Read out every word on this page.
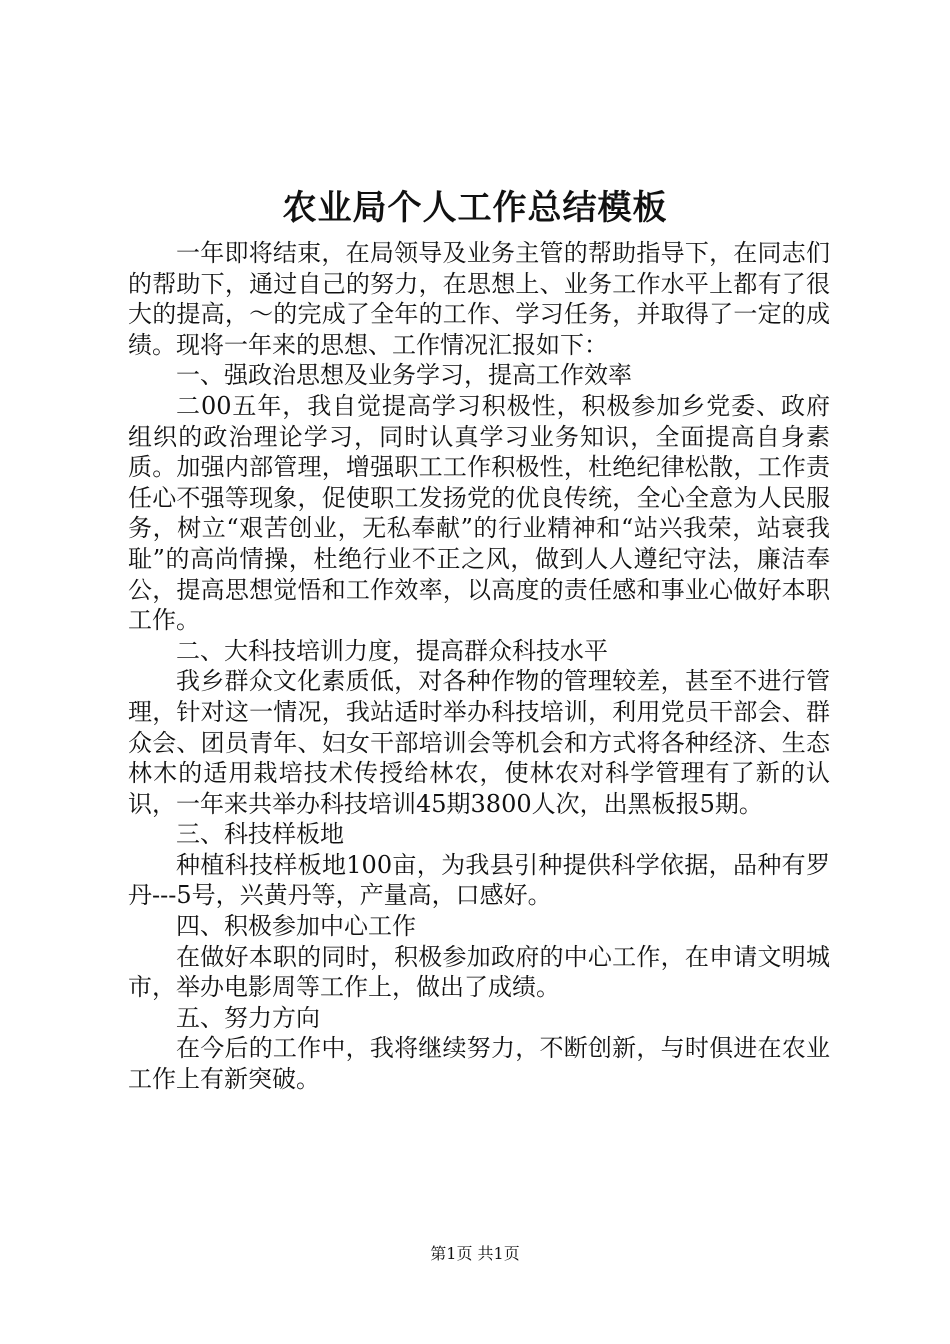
农业局个人工作总结模板

一年即将结束，在局领导及业务主管的帮助指导下，在同志们的帮助下，通过自己的努力，在思想上、业务工作水平上都有了很大的提高，～的完成了全年的工作、学习任务，并取得了一定的成绩。现将一年来的思想、工作情况汇报如下：

一、强政治思想及业务学习，提高工作效率

二00五年，我自觉提高学习积极性，积极参加乡党委、政府组织的政治理论学习，同时认真学习业务知识，全面提高自身素质。加强内部管理，增强职工工作积极性，杜绝纪律松散，工作责任心不强等现象，促使职工发扬党的优良传统，全心全意为人民服务，树立“艰苦创业，无私奉献”的行业精神和“站兴我荣，站衰我耻”的高尚情操，杜绝行业不正之风，做到人人遵纪守法，廉洁奉公，提高思想觉悟和工作效率，以高度的责任感和事业心做好本职工作。

二、大科技培训力度，提高群众科技水平

我乡群众文化素质低，对各种作物的管理较差，甚至不进行管理，针对这一情况，我站适时举办科技培训，利用党员干部会、群众会、团员青年、妇女干部培训会等机会和方式将各种经济、生态林木的适用栽培技术传授给林农，使林农对科学管理有了新的认识，一年来共举办科技培训45期3800人次，出黑板报5期。

三、科技样板地

种植科技样板地100亩，为我县引种提供科学依据，品种有罗丹---5号，兴黄丹等，产量高，口感好。

四、积极参加中心工作

在做好本职的同时，积极参加政府的中心工作，在申请文明城市，举办电影周等工作上，做出了成绩。

五、努力方向

在今后的工作中，我将继续努力，不断创新，与时俱进在农业工作上有新突破。

第1页 共1页
